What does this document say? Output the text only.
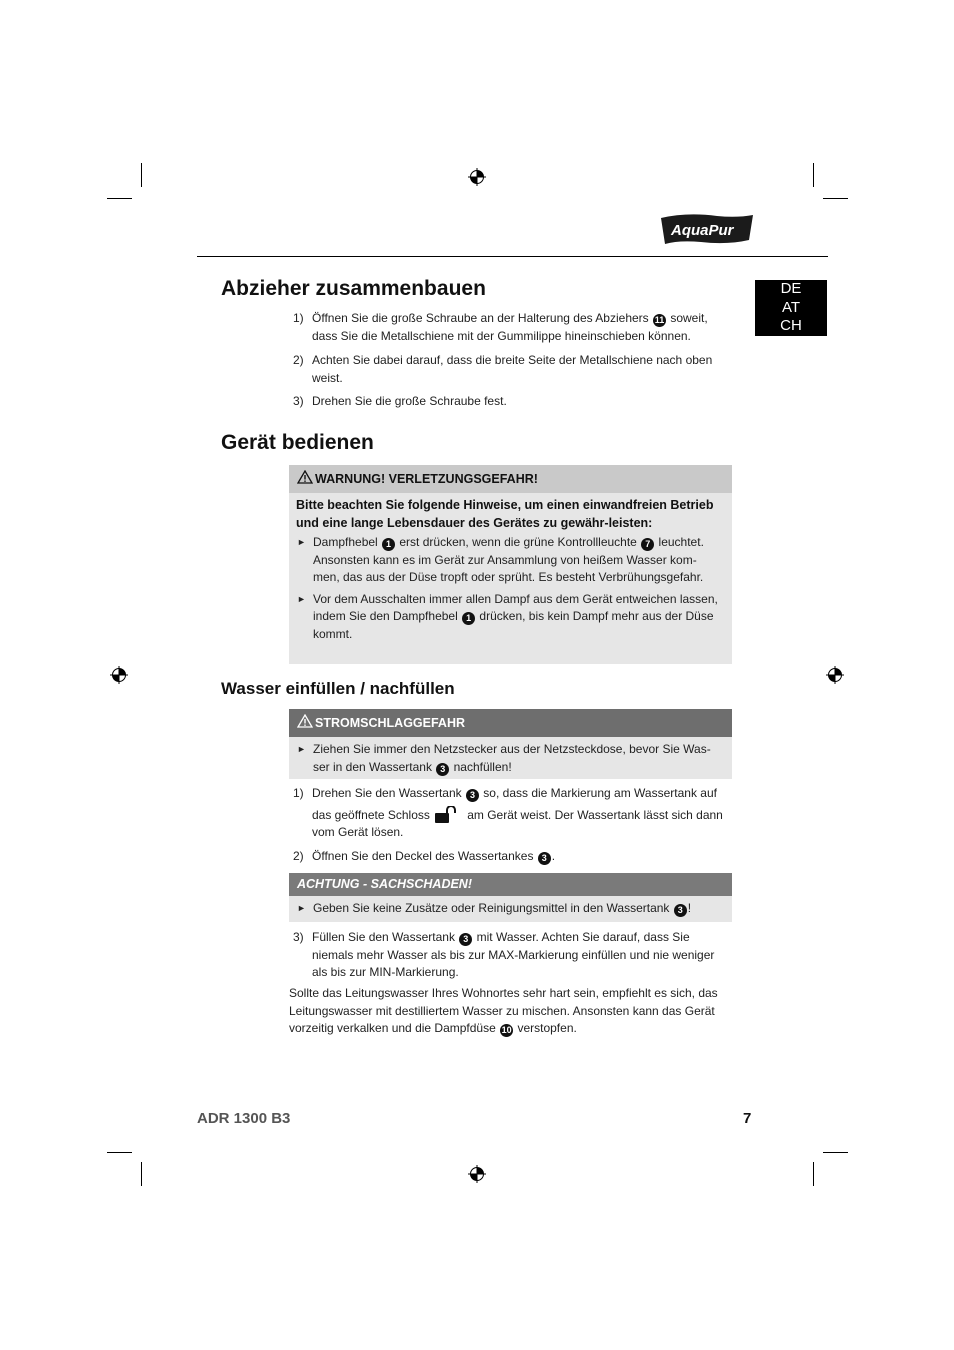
AquaPur
DE
AT
CH
Abzieher zusammenbauen
1) Öffnen Sie die große Schraube an der Halterung des Abziehers 11 soweit, dass Sie die Metallschiene mit der Gummilippe hineinschieben können.
2) Achten Sie dabei darauf, dass die breite Seite der Metallschiene nach oben weist.
3) Drehen Sie die große Schraube fest.
Gerät bedienen
WARNUNG! VERLETZUNGSGEFAHR!
Bitte beachten Sie folgende Hinweise, um einen einwandfreien Betrieb und eine lange Lebensdauer des Gerätes zu gewähr-leisten:
► Dampfhebel 1 erst drücken, wenn die grüne Kontrollleuchte 7 leuchtet. Ansonsten kann es im Gerät zur Ansammlung von heißem Wasser kom-men, das aus der Düse tropft oder sprüht. Es besteht Verbrühungsgefahr.
► Vor dem Ausschalten immer allen Dampf aus dem Gerät entweichen lassen, indem Sie den Dampfhebel 1 drücken, bis kein Dampf mehr aus der Düse kommt.
Wasser einfüllen / nachfüllen
STROMSCHLAGGEFAHR
► Ziehen Sie immer den Netzstecker aus der Netzsteckdose, bevor Sie Was-ser in den Wassertank 3 nachfüllen!
1) Drehen Sie den Wassertank 3 so, dass die Markierung am Wassertank auf
das geöffnete Schloss	am Gerät weist. Der Wassertank lässt sich dann vom Gerät lösen.
2) Öffnen Sie den Deckel des Wassertankes 3 .
ACHTUNG - SACHSCHADEN!
► Geben Sie keine Zusätze oder Reinigungsmittel in den Wassertank 3 !
3) Füllen Sie den Wassertank 3 mit Wasser. Achten Sie darauf, dass Sie niemals mehr Wasser als bis zur MAX-Markierung einfüllen und nie weniger als bis zur MIN-Markierung.
Sollte das Leitungswasser Ihres Wohnortes sehr hart sein, empfiehlt es sich, das Leitungswasser mit destilliertem Wasser zu mischen. Ansonsten kann das Gerät vorzeitig verkalken und die Dampfdüse 10 verstopfen.
ADR 1300 B3	7
